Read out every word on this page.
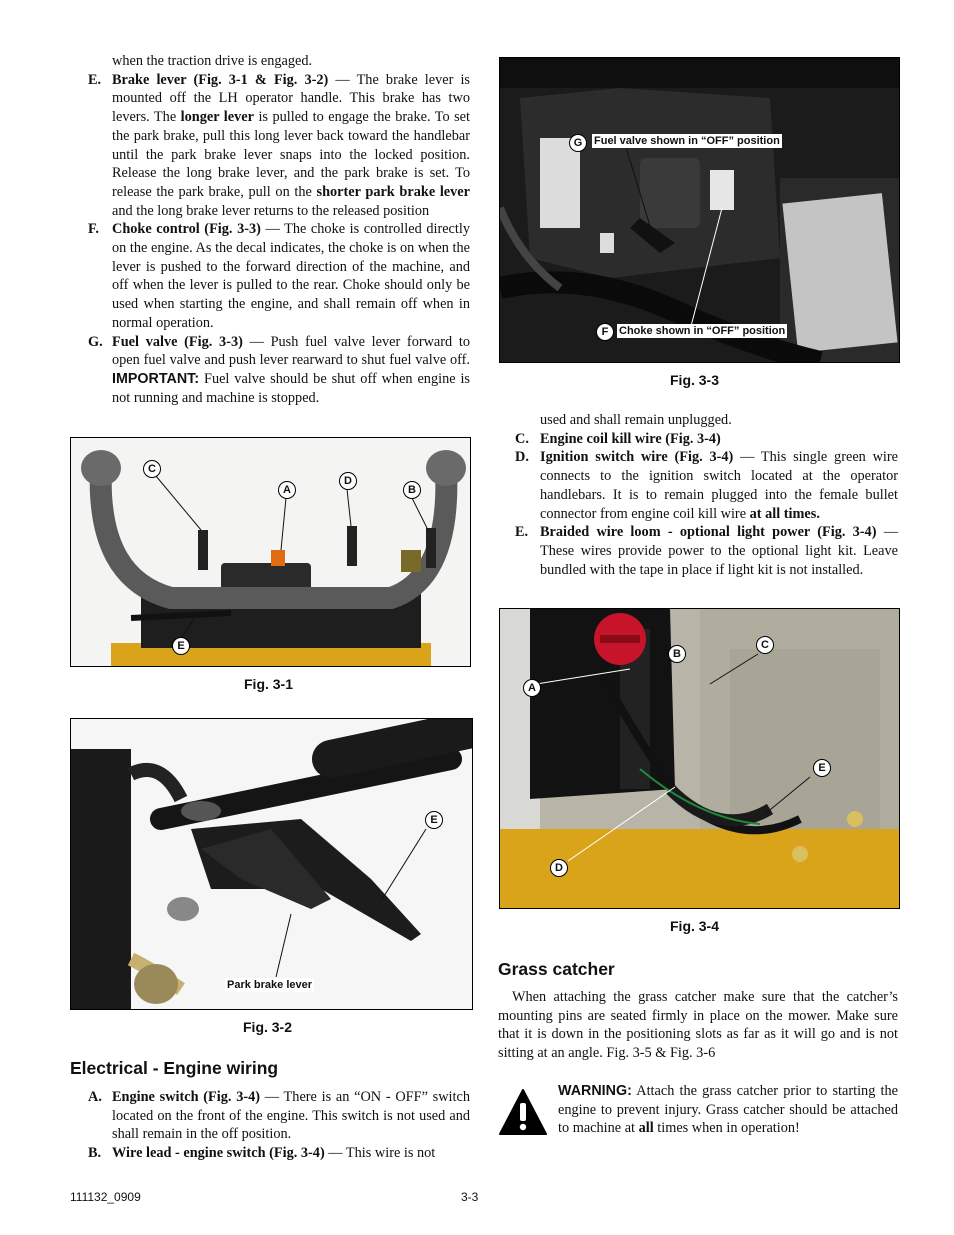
when the traction drive is engaged.

E. Brake lever (Fig. 3-1 & Fig. 3-2) — The brake lever is mounted off the LH operator handle. This brake has two levers. The longer lever is pulled to engage the brake. To set the park brake, pull this long lever back toward the handlebar until the park brake lever snaps into the locked position. Release the long brake lever, and the park brake is set. To release the park brake, pull on the shorter park brake lever and the long brake lever returns to the released position
F. Choke control (Fig. 3-3) — The choke is controlled directly on the engine. As the decal indicates, the choke is on when the lever is pushed to the forward direction of the machine, and off when the lever is pulled to the rear. Choke should only be used when starting the engine, and shall remain off when in normal operation.
G. Fuel valve (Fig. 3-3) — Push fuel valve lever forward to open fuel valve and push lever rearward to shut fuel valve off. IMPORTANT: Fuel valve should be shut off when engine is not running and machine is stopped.
C
A
D
B
E
Fig. 3-1
E
Park brake lever
Fig. 3-2
Electrical - Engine wiring
A. Engine switch (Fig. 3-4) — There is an “ON - OFF” switch located on the front of the engine. This switch is not used and shall remain in the off position.
B. Wire lead - engine switch (Fig. 3-4) — This wire is not
G	Fuel valve shown in “OFF” position
F Choke shown in “OFF” position
Fig. 3-3

used and shall remain unplugged.

C. Engine coil kill wire (Fig. 3-4)
D. Ignition switch wire (Fig. 3-4) — This single green wire connects to the ignition switch located at the operator handlebars. It is to remain plugged into the female bullet connector from engine coil kill wire at all times.
E. Braided wire loom - optional light power (Fig. 3-4) — These wires provide power to the optional light kit. Leave bundled with the tape in place if light kit is not installed.
A
B
C
E
D
Fig. 3-4
Grass catcher

When attaching the grass catcher make sure that the catcher’s mounting pins are seated firmly in place on the mower. Make sure that it is down in the positioning slots as far as it will go and is not sitting at an angle. Fig. 3-5 & Fig. 3-6

WARNING: Attach the grass catcher prior to starting the engine to prevent injury. Grass catcher should be attached to machine at all times when in operation!

111132_0909	3-3
